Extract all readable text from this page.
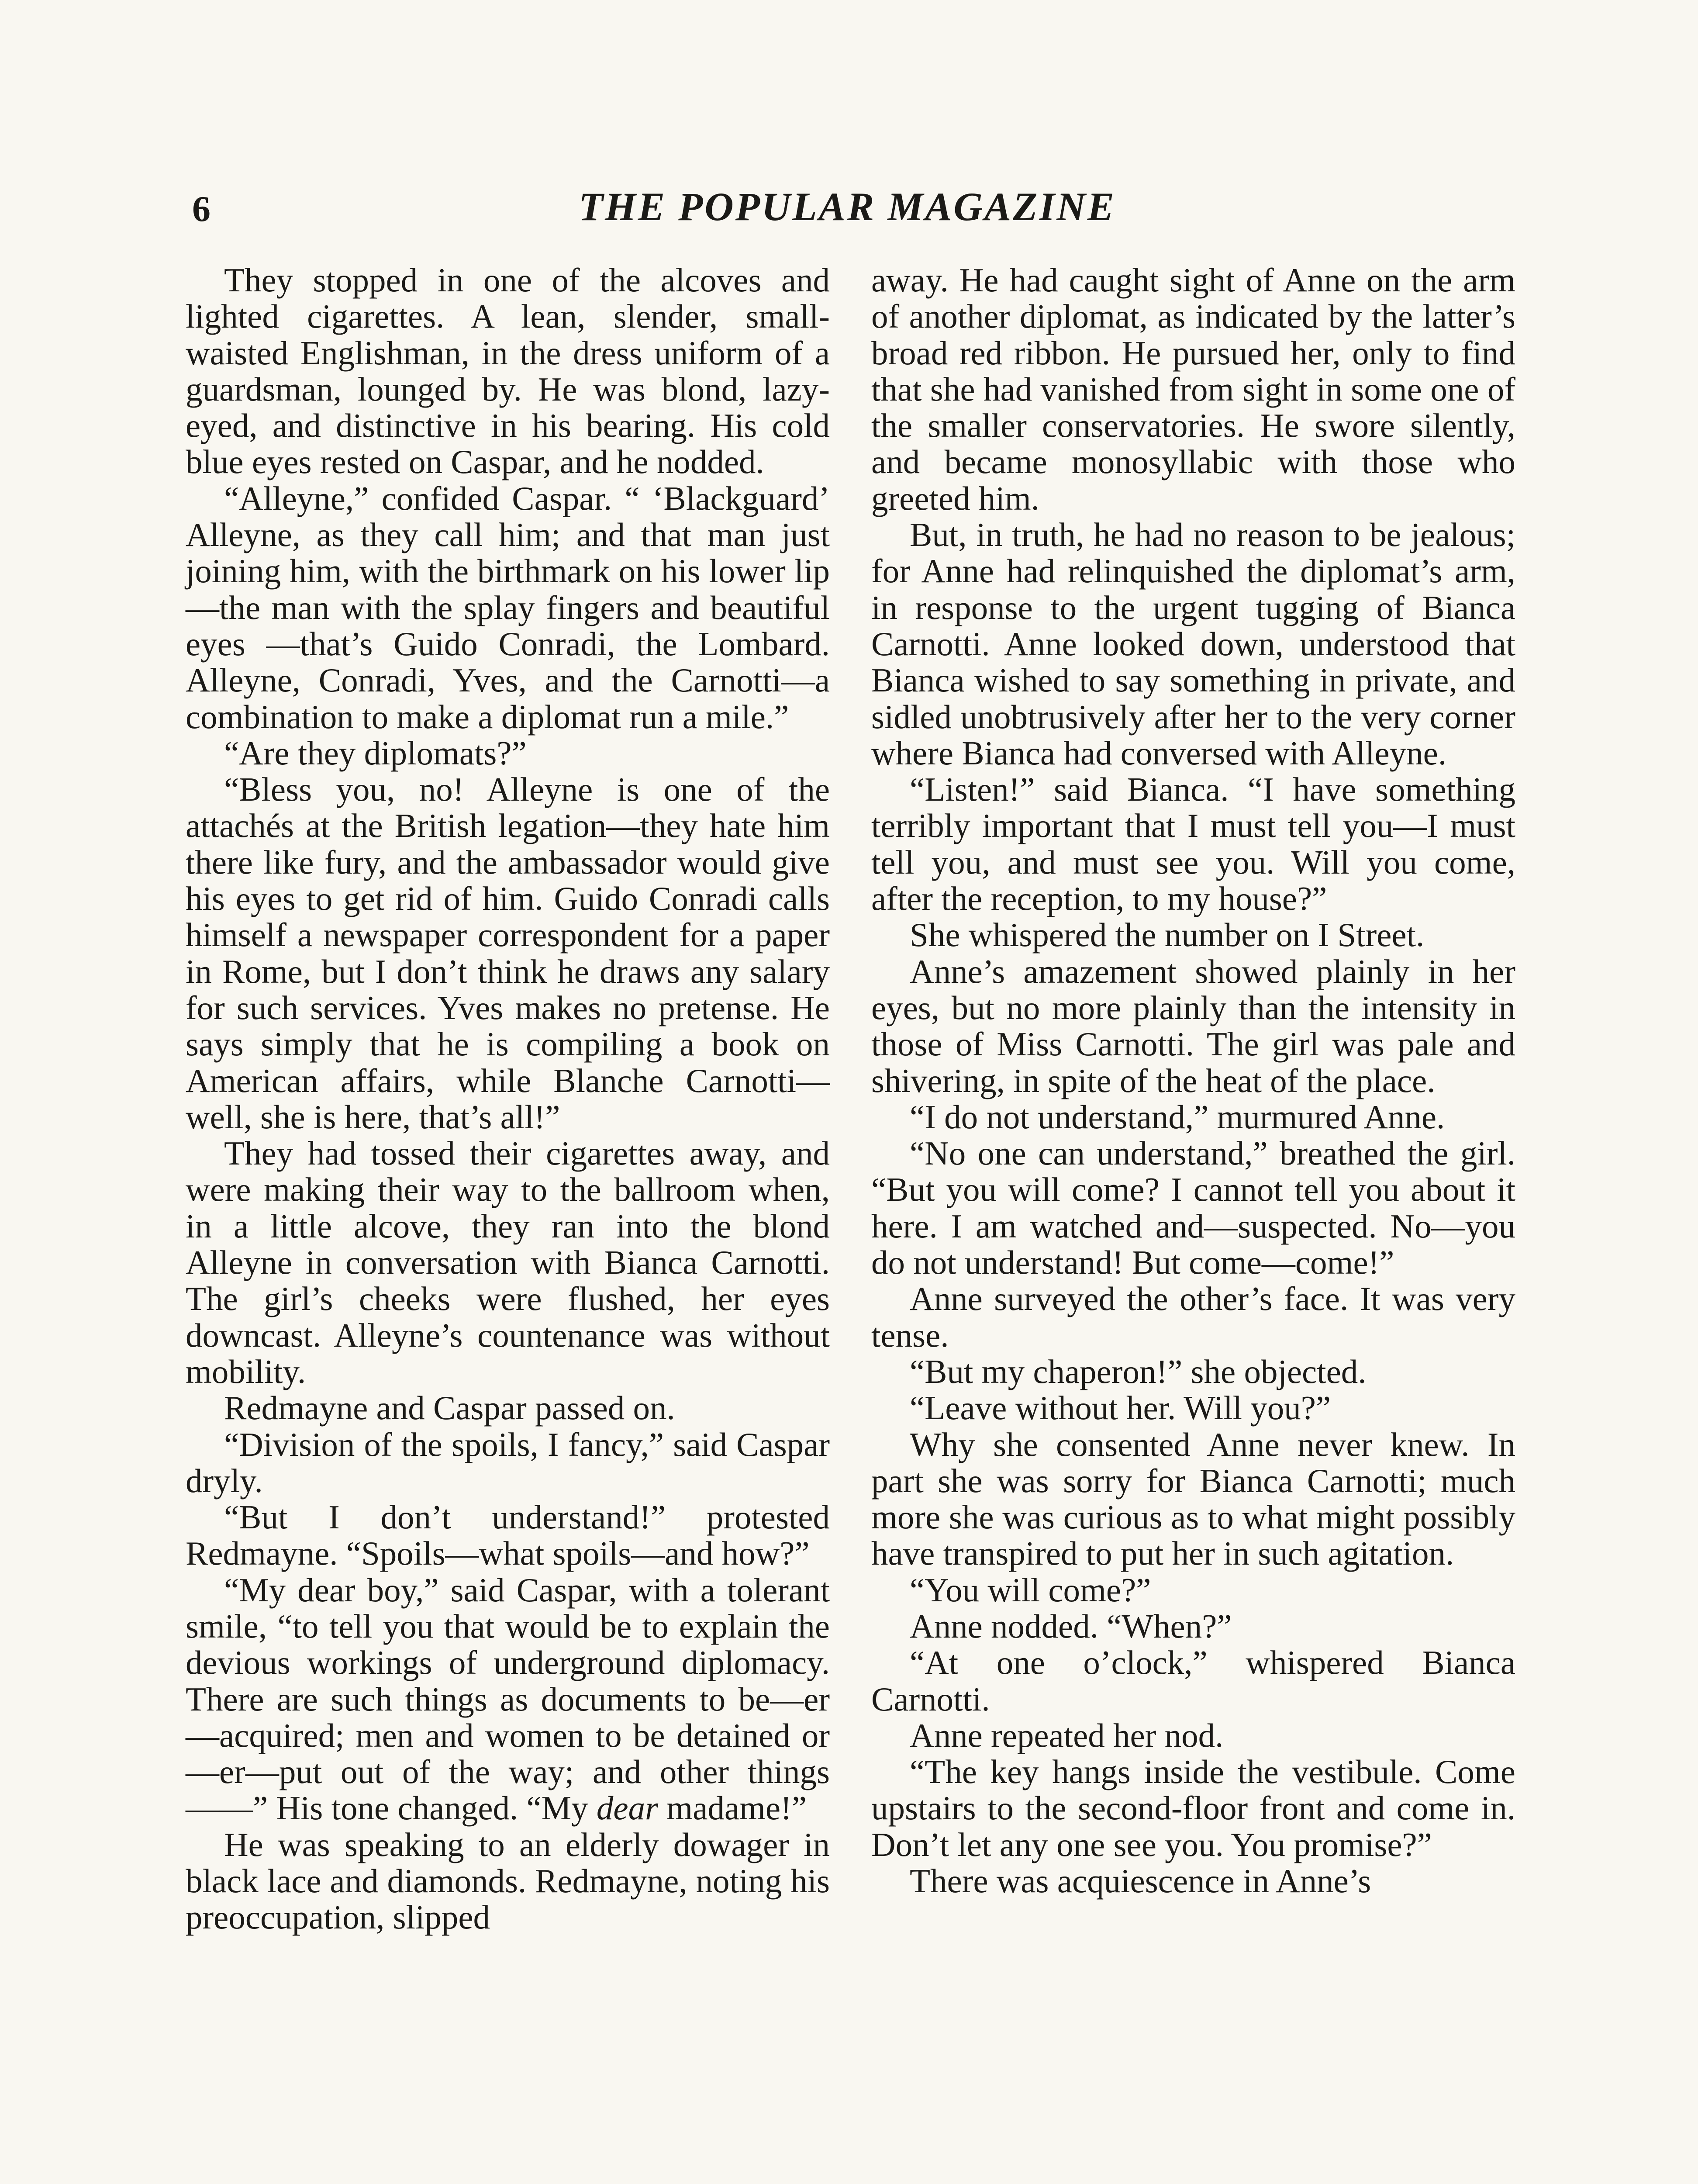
6	THE POPULAR MAGAZINE

They stopped in one of the alcoves and lighted cigarettes. A lean, slender, small-waisted Englishman, in the dress uniform of a guardsman, lounged by. He was blond, lazy-eyed, and distinctive in his bearing. His cold blue eyes rested on Caspar, and he nodded.

“Alleyne,” confided Caspar. “ ‘Blackguard’ Alleyne, as they call him; and that man just joining him, with the birthmark on his lower lip—the man with the splay fingers and beautiful eyes —that’s Guido Conradi, the Lombard. Alleyne, Conradi, Yves, and the Carnotti—a combination to make a diplomat run a mile.”

“Are they diplomats?”

“Bless you, no! Alleyne is one of the attachés at the British legation—they hate him there like fury, and the ambassador would give his eyes to get rid of him. Guido Conradi calls himself a newspaper correspondent for a paper in Rome, but I don’t think he draws any salary for such services. Yves makes no pretense. He says simply that he is compiling a book on American affairs, while Blanche Carnotti—well, she is here, that’s all!”

They had tossed their cigarettes away, and were making their way to the ballroom when, in a little alcove, they ran into the blond Alleyne in conversation with Bianca Carnotti. The girl’s cheeks were flushed, her eyes downcast. Alleyne’s countenance was without mobility.

Redmayne and Caspar passed on.

“Division of the spoils, I fancy,” said Caspar dryly.

“But I don’t understand!” protested Redmayne. “Spoils—what spoils—and how?”

“My dear boy,” said Caspar, with a tolerant smile, “to tell you that would be to explain the devious workings of underground diplomacy. There are such things as documents to be—er—acquired; men and women to be detained or—er—put out of the way; and other things——” His tone changed. “My dear madame!”

He was speaking to an elderly dowager in black lace and diamonds. Redmayne, noting his preoccupation, slipped

away. He had caught sight of Anne on the arm of another diplomat, as indicated by the latter’s broad red ribbon. He pursued her, only to find that she had vanished from sight in some one of the smaller conservatories. He swore silently, and became monosyllabic with those who greeted him.

But, in truth, he had no reason to be jealous; for Anne had relinquished the diplomat’s arm, in response to the urgent tugging of Bianca Carnotti. Anne looked down, understood that Bianca wished to say something in private, and sidled unobtrusively after her to the very corner where Bianca had conversed with Alleyne.

“Listen!” said Bianca. “I have something terribly important that I must tell you—I must tell you, and must see you. Will you come, after the reception, to my house?”

She whispered the number on I Street.

Anne’s amazement showed plainly in her eyes, but no more plainly than the intensity in those of Miss Carnotti. The girl was pale and shivering, in spite of the heat of the place.

“I do not understand,” murmured Anne.

“No one can understand,” breathed the girl. “But you will come? I cannot tell you about it here. I am watched and—suspected. No—you do not understand! But come—come!”

Anne surveyed the other’s face. It was very tense.

“But my chaperon!” she objected.

“Leave without her. Will you?”

Why she consented Anne never knew. In part she was sorry for Bianca Carnotti; much more she was curious as to what might possibly have transpired to put her in such agitation.

“You will come?”

Anne nodded. “When?”

“At one o’clock,” whispered Bianca Carnotti.

Anne repeated her nod.

“The key hangs inside the vestibule. Come upstairs to the second-floor front and come in. Don’t let any one see you. You promise?”

There was acquiescence in Anne’s
